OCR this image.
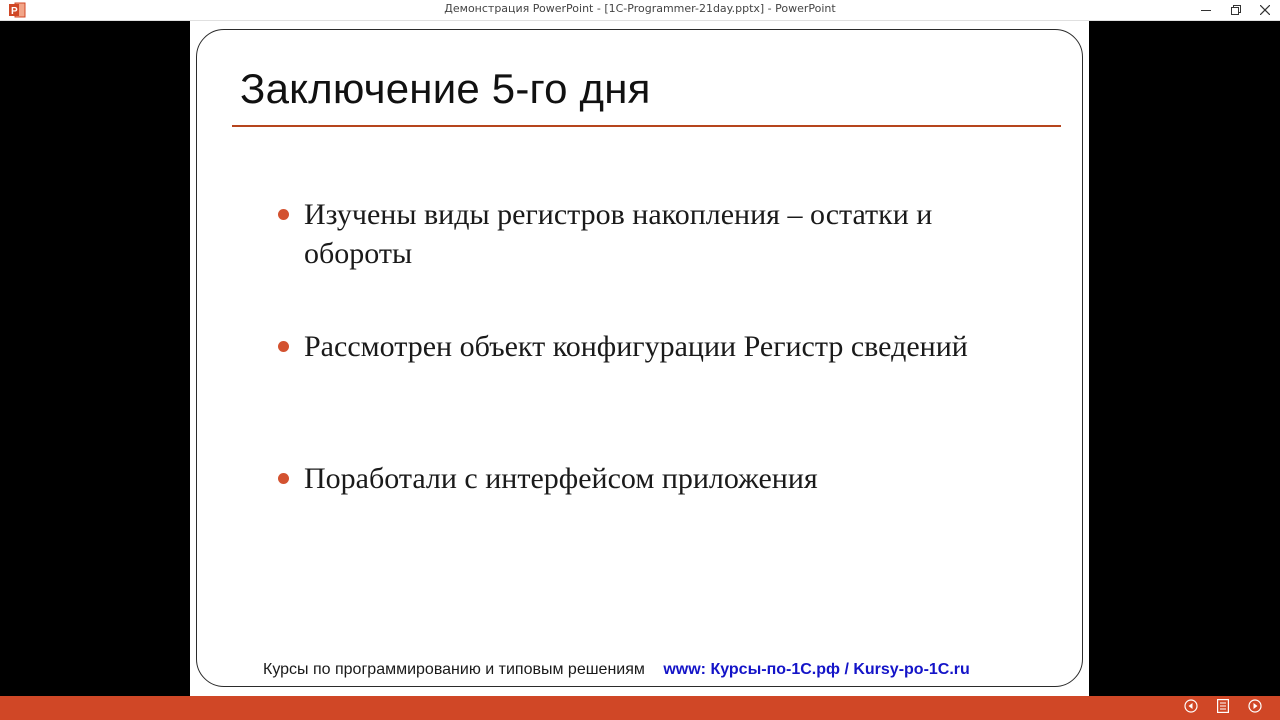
P	Демонстрация PowerPoint - [1C-Programmer-21day.pptx] - PowerPoint
Заключение 5-го дня
Изучены виды регистров накопления – остатки и обороты
Рассмотрен объект конфигурации Регистр сведений
Поработали с интерфейсом приложения
Курсы по программированию и типовым решениям www: Курсы-по-1С.рф / Kursy-po-1C.ru
